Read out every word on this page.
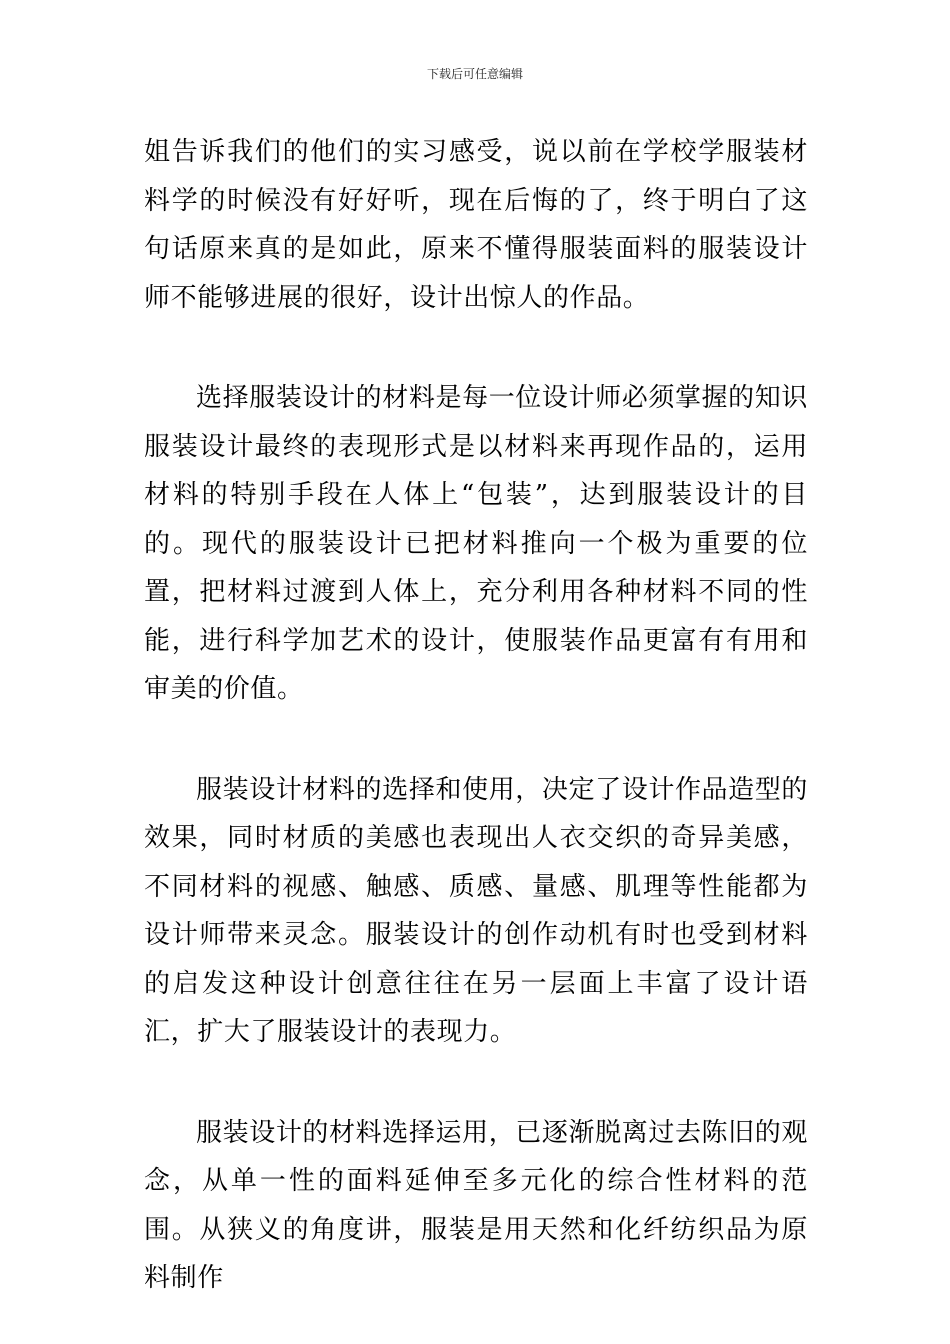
下载后可任意编辑

姐告诉我们的他们的实习感受，说以前在学校学服装材料学的时候没有好好听，现在后悔的了，终于明白了这句话原来真的是如此，原来不懂得服装面料的服装设计师不能够进展的很好，设计出惊人的作品。

选择服装设计的材料是每一位设计师必须掌握的知识服装设计最终的表现形式是以材料来再现作品的，运用材料的特别手段在人体上“包装”，达到服装设计的目的。现代的服装设计已把材料推向一个极为重要的位置，把材料过渡到人体上，充分利用各种材料不同的性能，进行科学加艺术的设计，使服装作品更富有有用和审美的价值。

服装设计材料的选择和使用，决定了设计作品造型的效果，同时材质的美感也表现出人衣交织的奇异美感，不同材料的视感、触感、质感、量感、肌理等性能都为设计师带来灵念。服装设计的创作动机有时也受到材料的启发这种设计创意往往在另一层面上丰富了设计语汇，扩大了服装设计的表现力。

服装设计的材料选择运用，已逐渐脱离过去陈旧的观念，从单一性的面料延伸至多元化的综合性材料的范围。从狭义的角度讲，服装是用天然和化纤纺织品为原料制作
